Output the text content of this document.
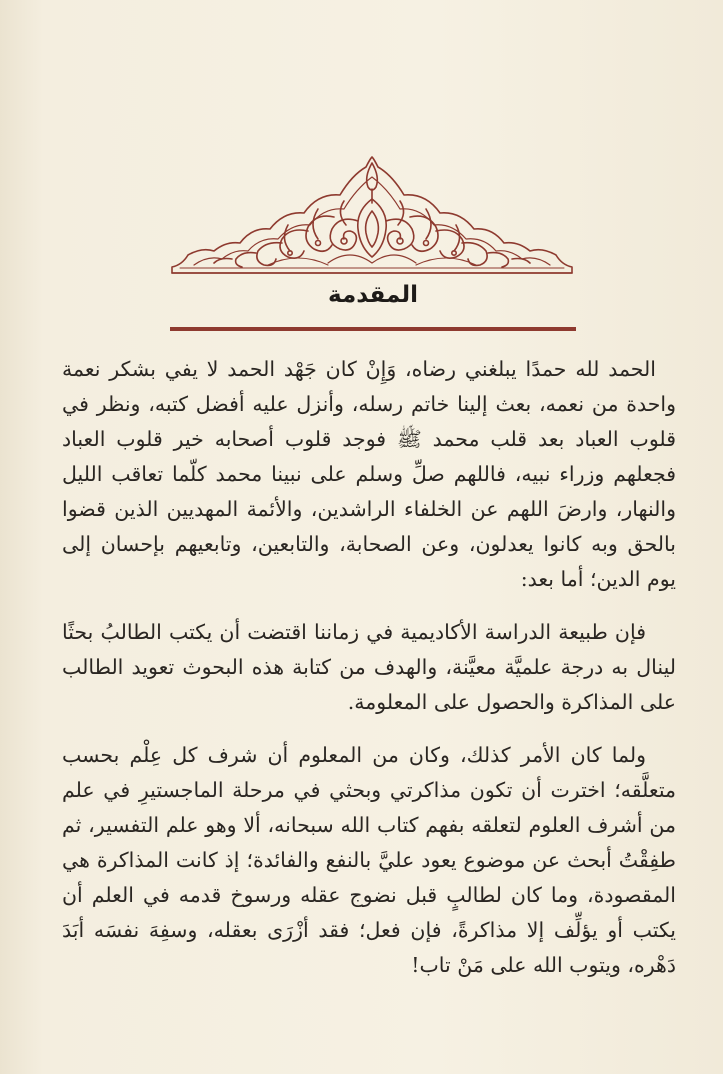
المقدمة

الحمد لله حمدًا يبلغني رضاه، وَإِنْ كان جَهْد الحمد لا يفي بشكر نعمة واحدة من نعمه، بعث إلينا خاتم رسله، وأنزل عليه أفضل كتبه، ونظر في قلوب العباد بعد قلب محمد ﷺ فوجد قلوب أصحابه خير قلوب العباد فجعلهم وزراء نبيه، فاللهم صلِّ وسلم على نبينا محمد كلّما تعاقب الليل والنهار، وارضَ اللهم عن الخلفاء الراشدين، والأئمة المهديين الذين قضوا بالحق وبه كانوا يعدلون، وعن الصحابة، والتابعين، وتابعيهم بإحسان إلى يوم الدين؛ أما بعد:

فإن طبيعة الدراسة الأكاديمية في زماننا اقتضت أن يكتب الطالبُ بحثًا لينال به درجة علميَّة معيَّنة، والهدف من كتابة هذه البحوث تعويد الطالب على المذاكرة والحصول على المعلومة.

ولما كان الأمر كذلك، وكان من المعلوم أن شرف كل عِلْم بحسب متعلَّقه؛ اخترت أن تكون مذاكرتي وبحثي في مرحلة الماجستيرِ في علم من أشرف العلوم لتعلقه بفهم كتاب الله سبحانه، ألا وهو علم التفسير، ثم طفِقْتُ أبحث عن موضوع يعود عليَّ بالنفع والفائدة؛ إذ كانت المذاكرة هي المقصودة، وما كان لطالبٍ قبل نضوج عقله ورسوخ قدمه في العلم أن يكتب أو يؤلِّف إلا مذاكرةً، فإن فعل؛ فقد أزْرَى بعقله، وسفِهَ نفسَه أبَدَ دَهْره، ويتوب الله على مَنْ تاب!
